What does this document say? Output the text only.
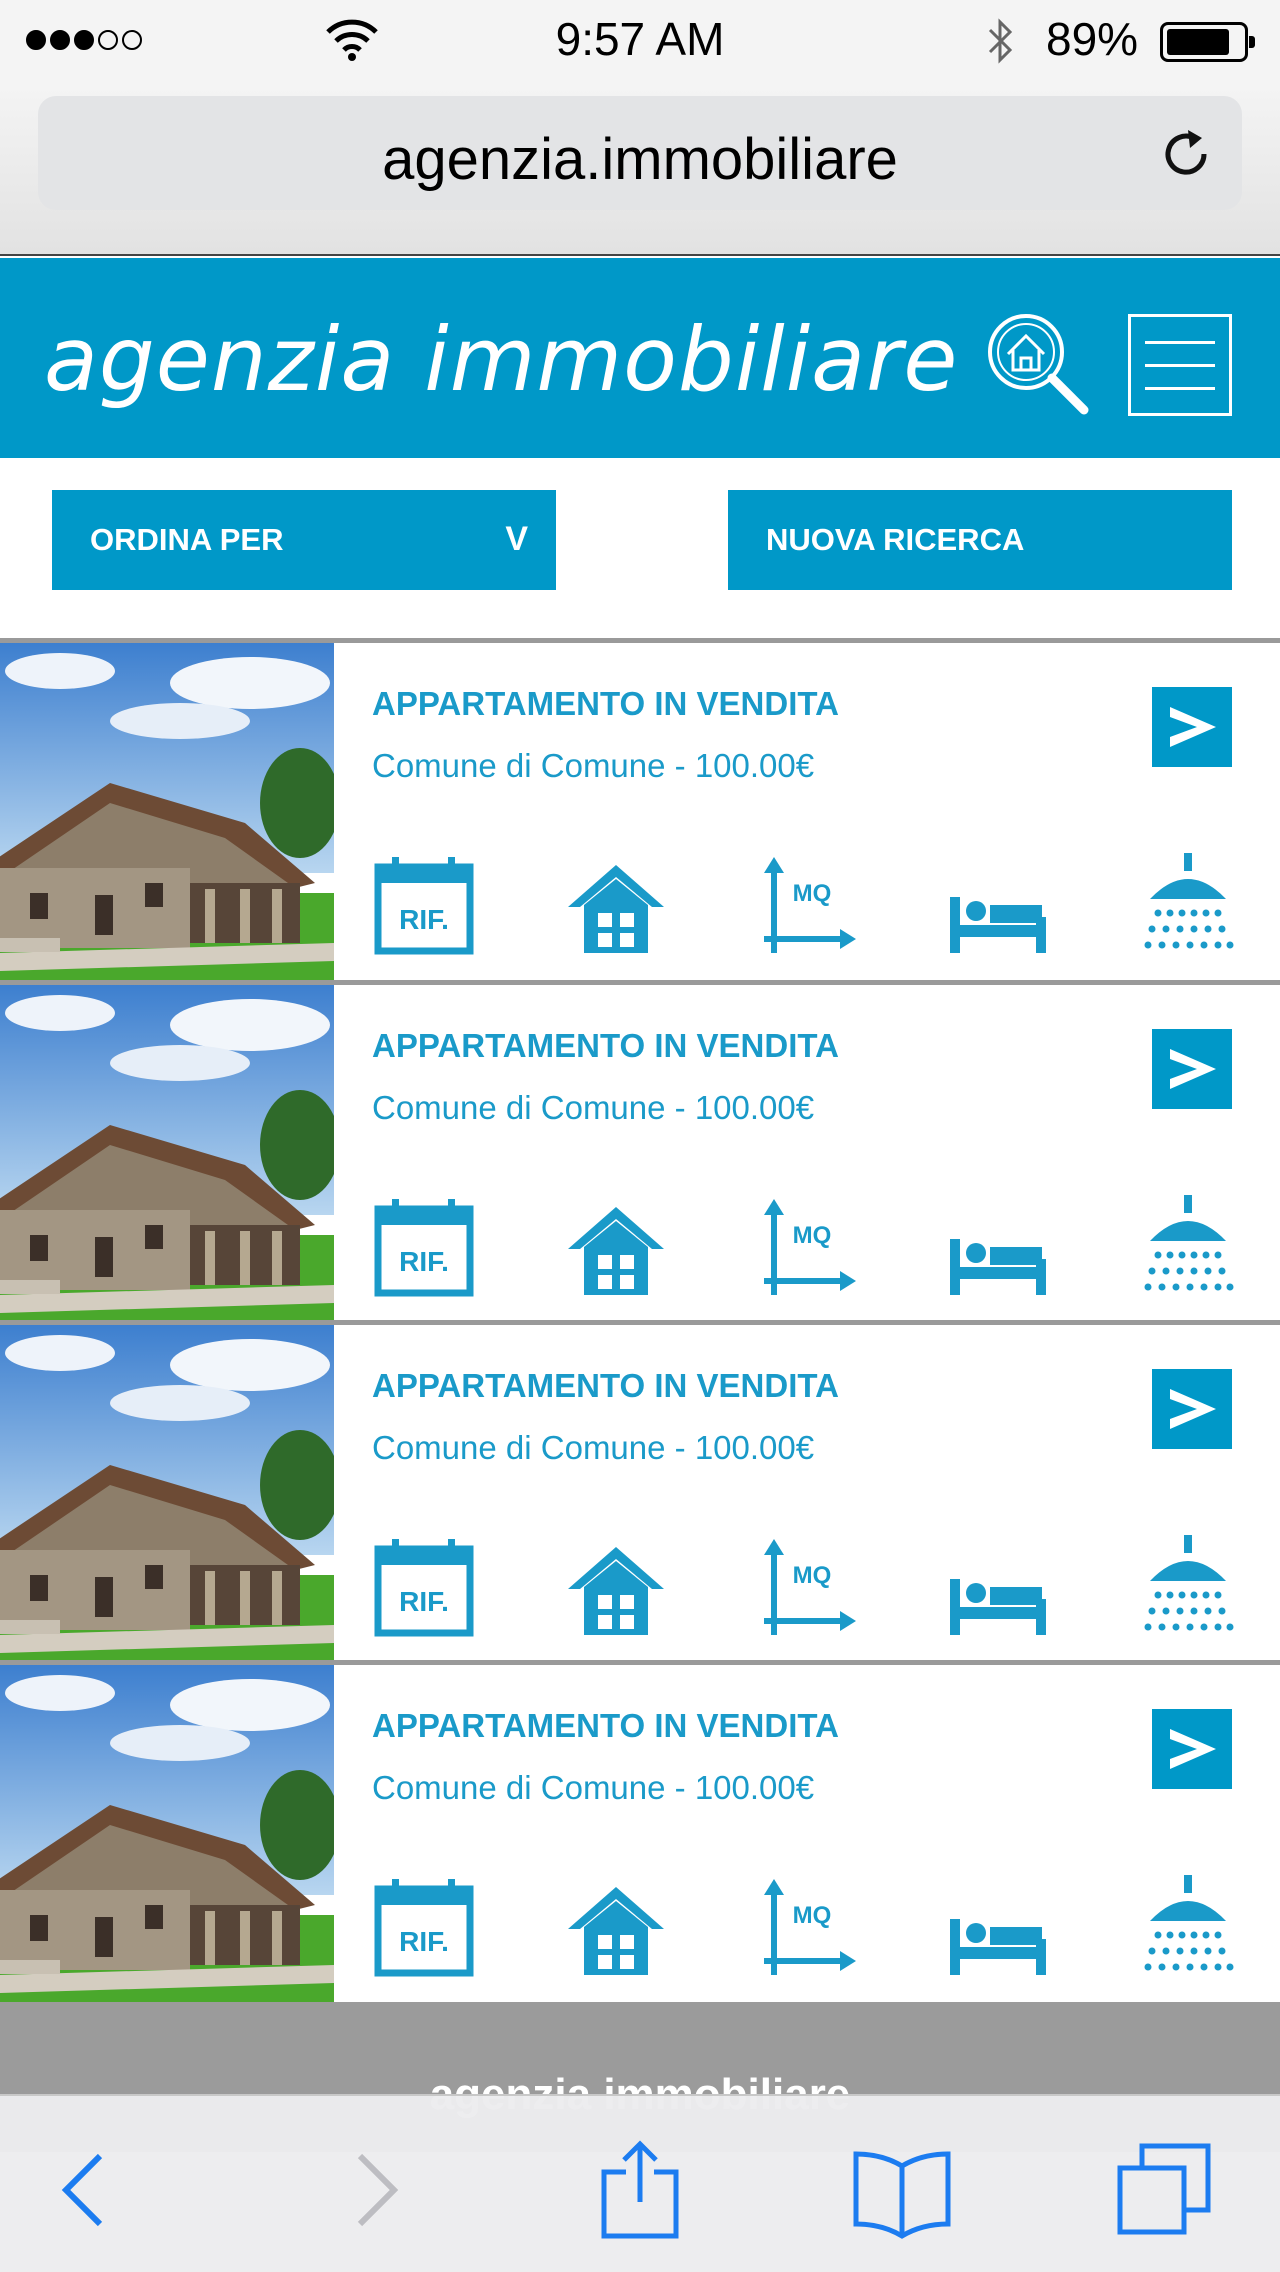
9:57 AM	89%
agenzia.immobiliare
agenzia immobiliare
ORDINA PER	V	NUOVA RICERCA
APPARTAMENTO IN VENDITA
Comune di Comune - 100.00€
RIF.
MQ
APPARTAMENTO IN VENDITA
Comune di Comune - 100.00€
RIF.
MQ
APPARTAMENTO IN VENDITA
Comune di Comune - 100.00€
RIF.
MQ
APPARTAMENTO IN VENDITA
Comune di Comune - 100.00€
RIF.
MQ
